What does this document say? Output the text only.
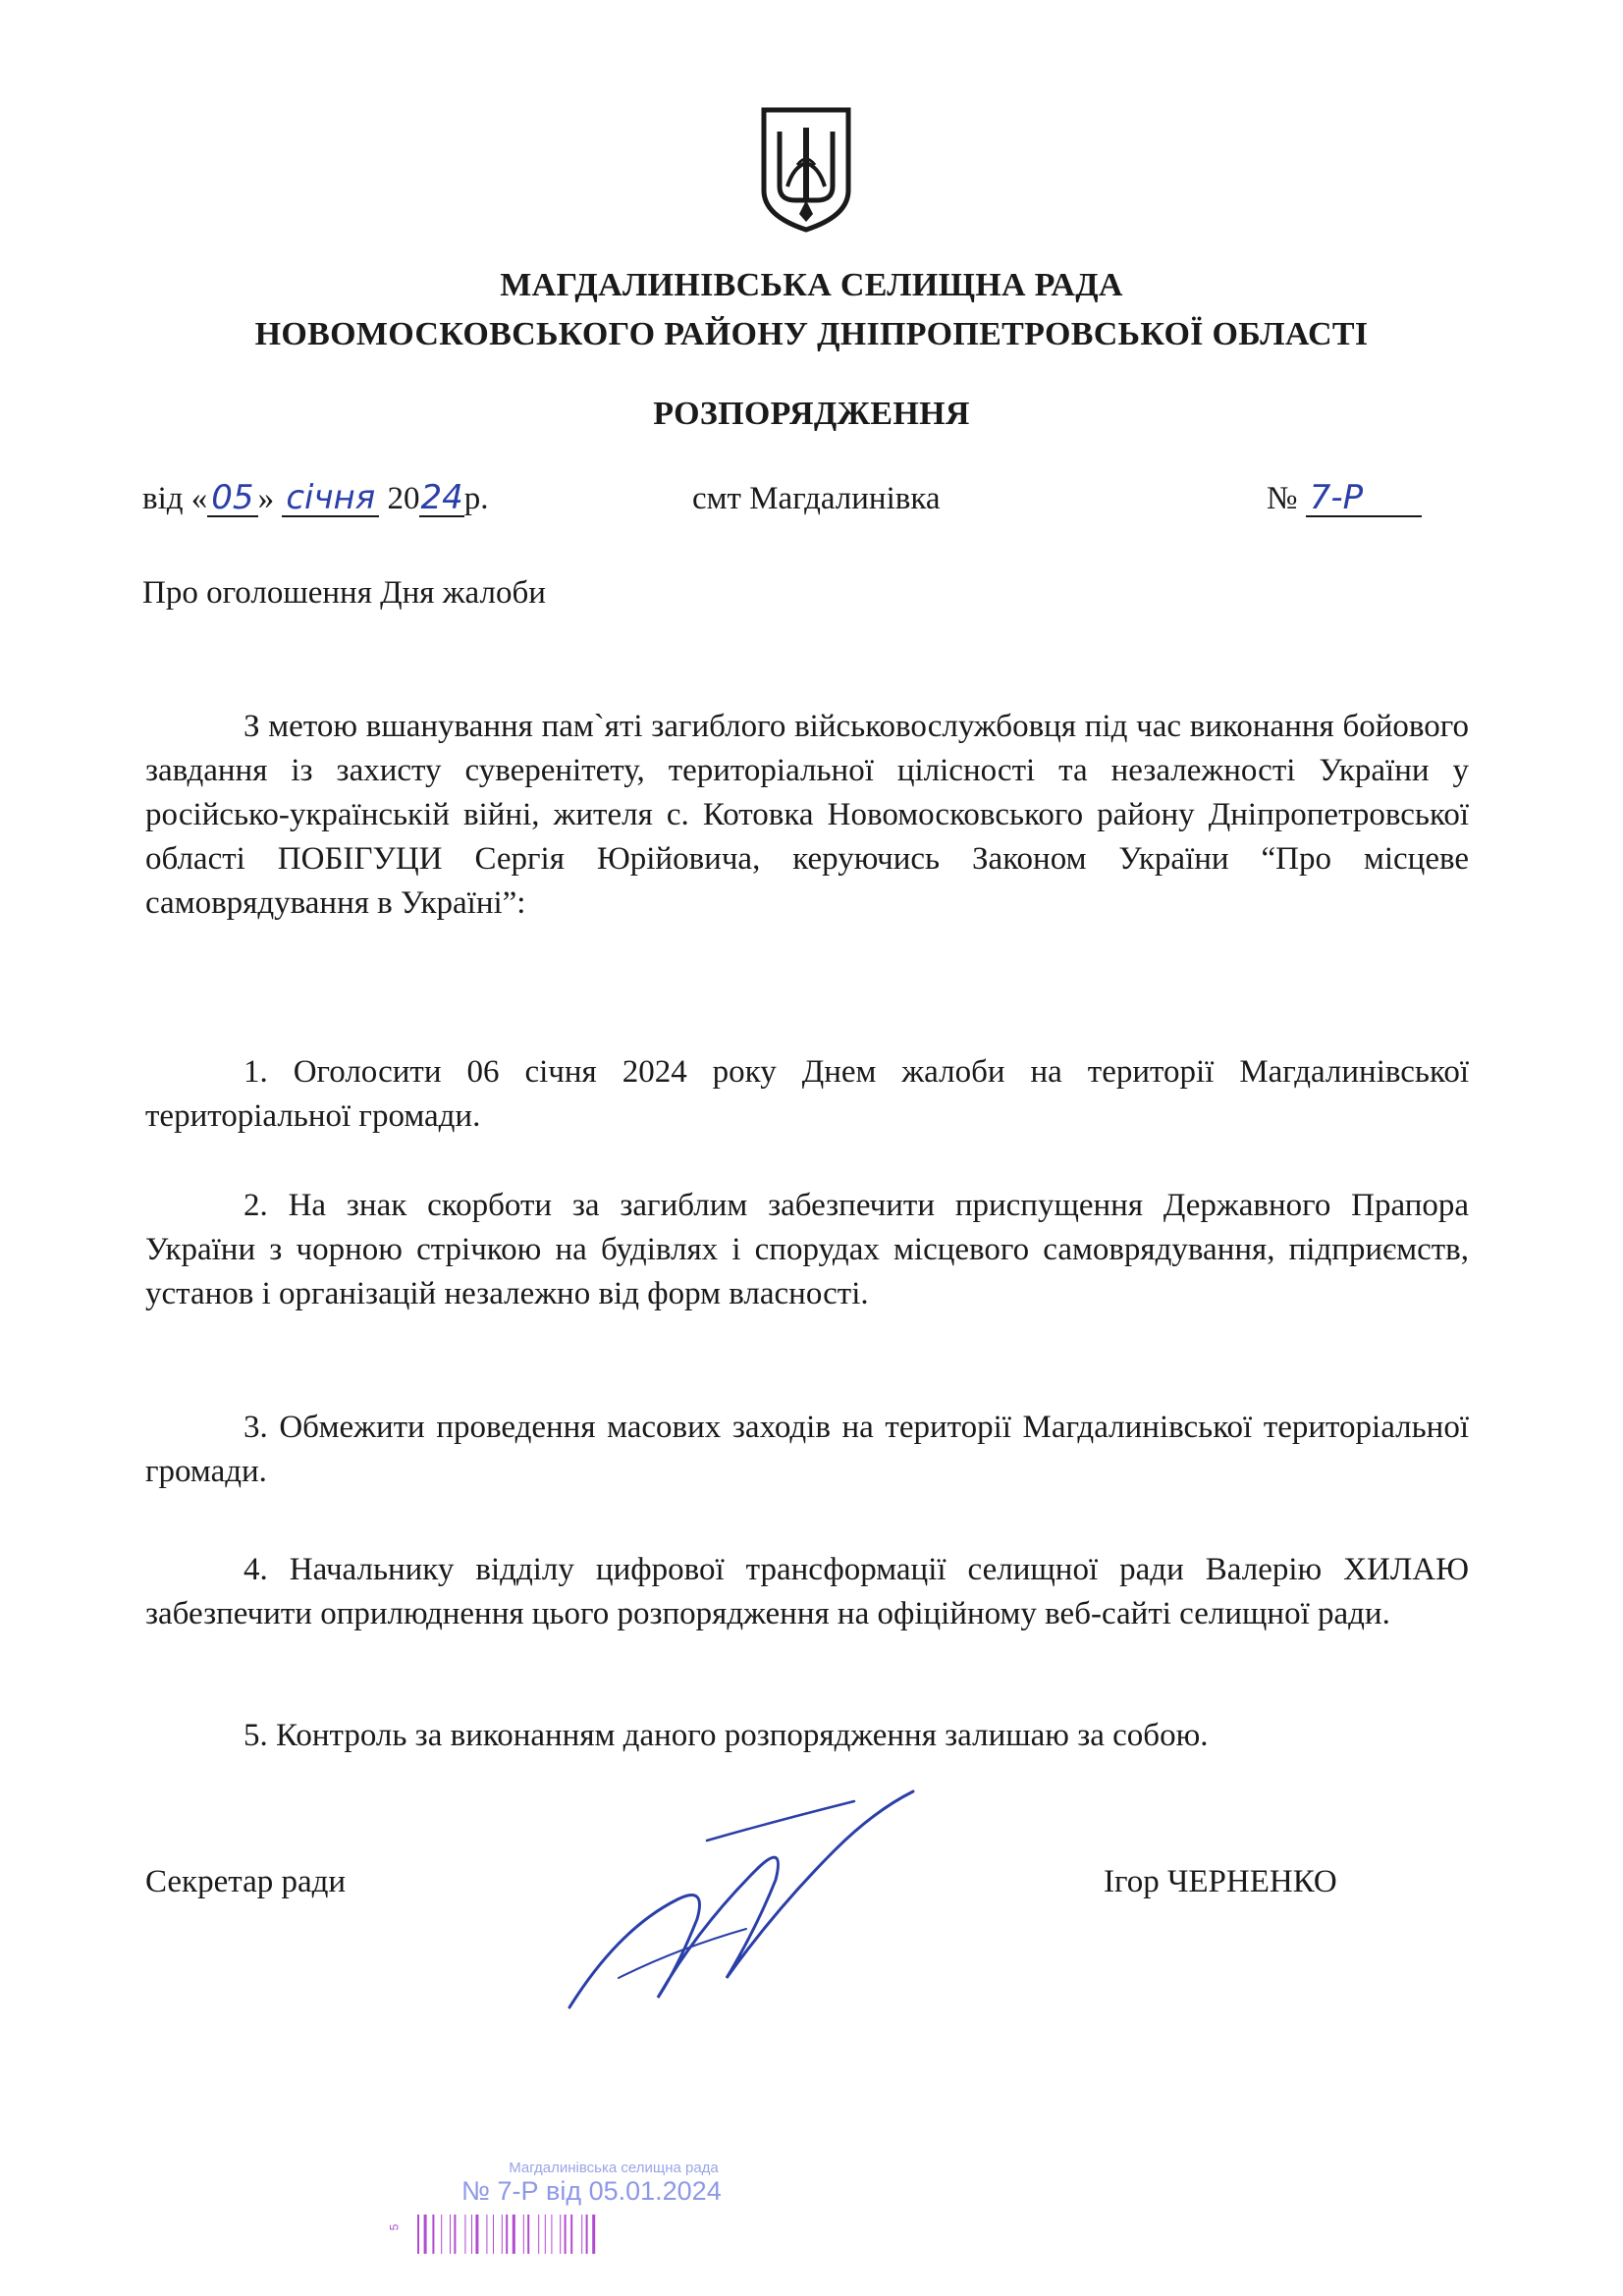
МАГДАЛИНІВСЬКА СЕЛИЩНА РАДА
НОВОМОСКОВСЬКОГО РАЙОНУ ДНІПРОПЕТРОВСЬКОЇ ОБЛАСТІ
РОЗПОРЯДЖЕННЯ
від « 05 » січня 2024р.	смт Магдалинівка	№ 7-Р
Про оголошення Дня жалоби
З метою вшанування пам`яті загиблого військовослужбовця під час виконання бойового завдання із захисту суверенітету, територіальної цілісності та незалежності України у російсько-українській війні, жителя с. Котовка Новомосковського району Дніпропетровської області ПОБІГУЦИ Сергія Юрійовича, керуючись Законом України “Про місцеве самоврядування в Україні”:
1. Оголосити 06 січня 2024 року Днем жалоби на території Магдалинівської територіальної громади.
2. На знак скорботи за загиблим забезпечити приспущення Державного Прапора України з чорною стрічкою на будівлях і спорудах місцевого самоврядування, підприємств, установ і організацій незалежно від форм власності.
3. Обмежити проведення масових заходів на території Магдалинівської територіальної громади.
4. Начальнику відділу цифрової трансформації селищної ради Валерію ХИЛАЮ забезпечити оприлюднення цього розпорядження на офіційному веб-сайті селищної ради.
5. Контроль за виконанням даного розпорядження залишаю за собою.
Секретар ради	Ігор ЧЕРНЕНКО
Магдалинівська селищна рада
№ 7-Р від 05.01.2024
5
